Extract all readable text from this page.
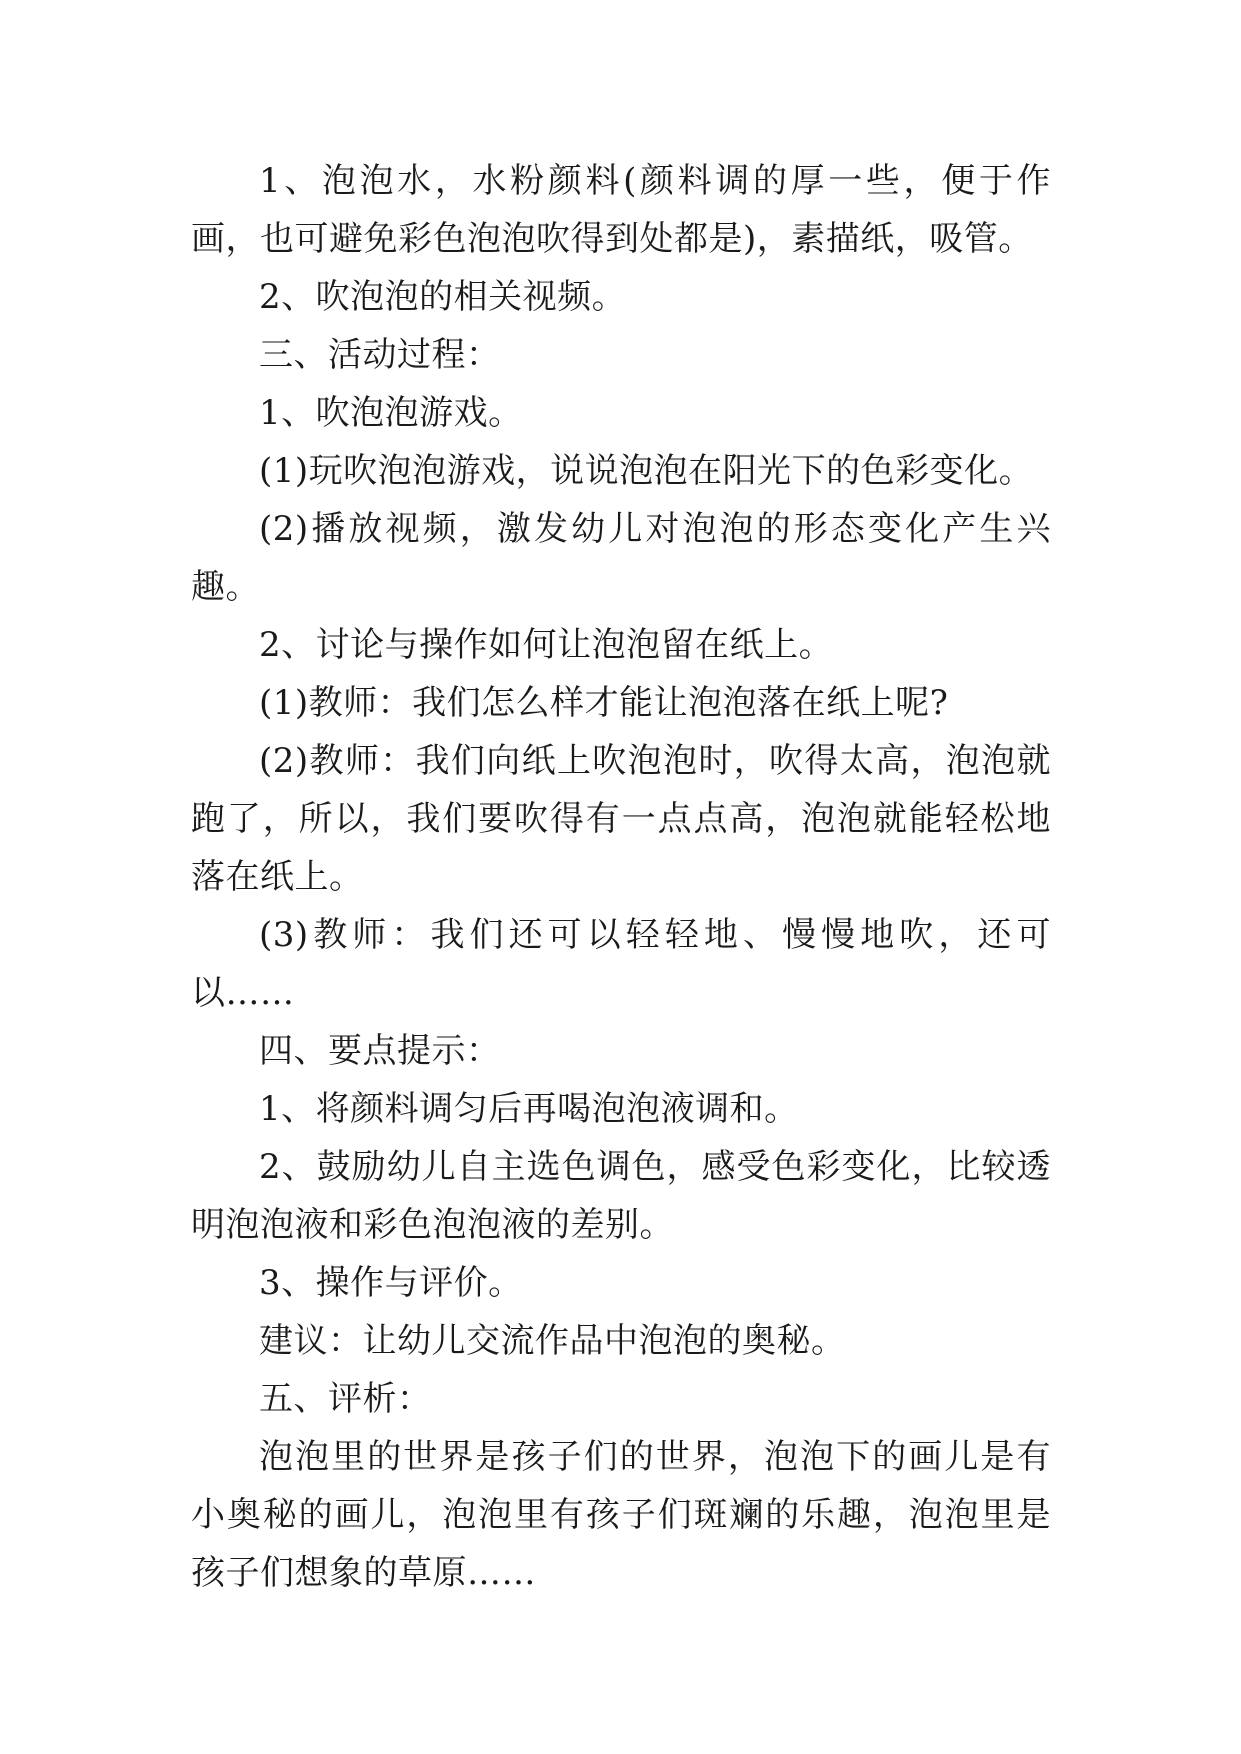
1、泡泡水，水粉颜料(颜料调的厚一些，便于作画，也可避免彩色泡泡吹得到处都是)，素描纸，吸管。

2、吹泡泡的相关视频。

三、活动过程：

1、吹泡泡游戏。

(1)玩吹泡泡游戏，说说泡泡在阳光下的色彩变化。

(2)播放视频，激发幼儿对泡泡的形态变化产生兴趣。

2、讨论与操作如何让泡泡留在纸上。

(1)教师：我们怎么样才能让泡泡落在纸上呢?

(2)教师：我们向纸上吹泡泡时，吹得太高，泡泡就跑了，所以，我们要吹得有一点点高，泡泡就能轻松地落在纸上。

(3)教师：我们还可以轻轻地、慢慢地吹，还可以……

四、要点提示：

1、将颜料调匀后再喝泡泡液调和。

2、鼓励幼儿自主选色调色，感受色彩变化，比较透明泡泡液和彩色泡泡液的差别。

3、操作与评价。

建议：让幼儿交流作品中泡泡的奥秘。

五、评析：

泡泡里的世界是孩子们的世界，泡泡下的画儿是有小奥秘的画儿，泡泡里有孩子们斑斓的乐趣，泡泡里是孩子们想象的草原……
